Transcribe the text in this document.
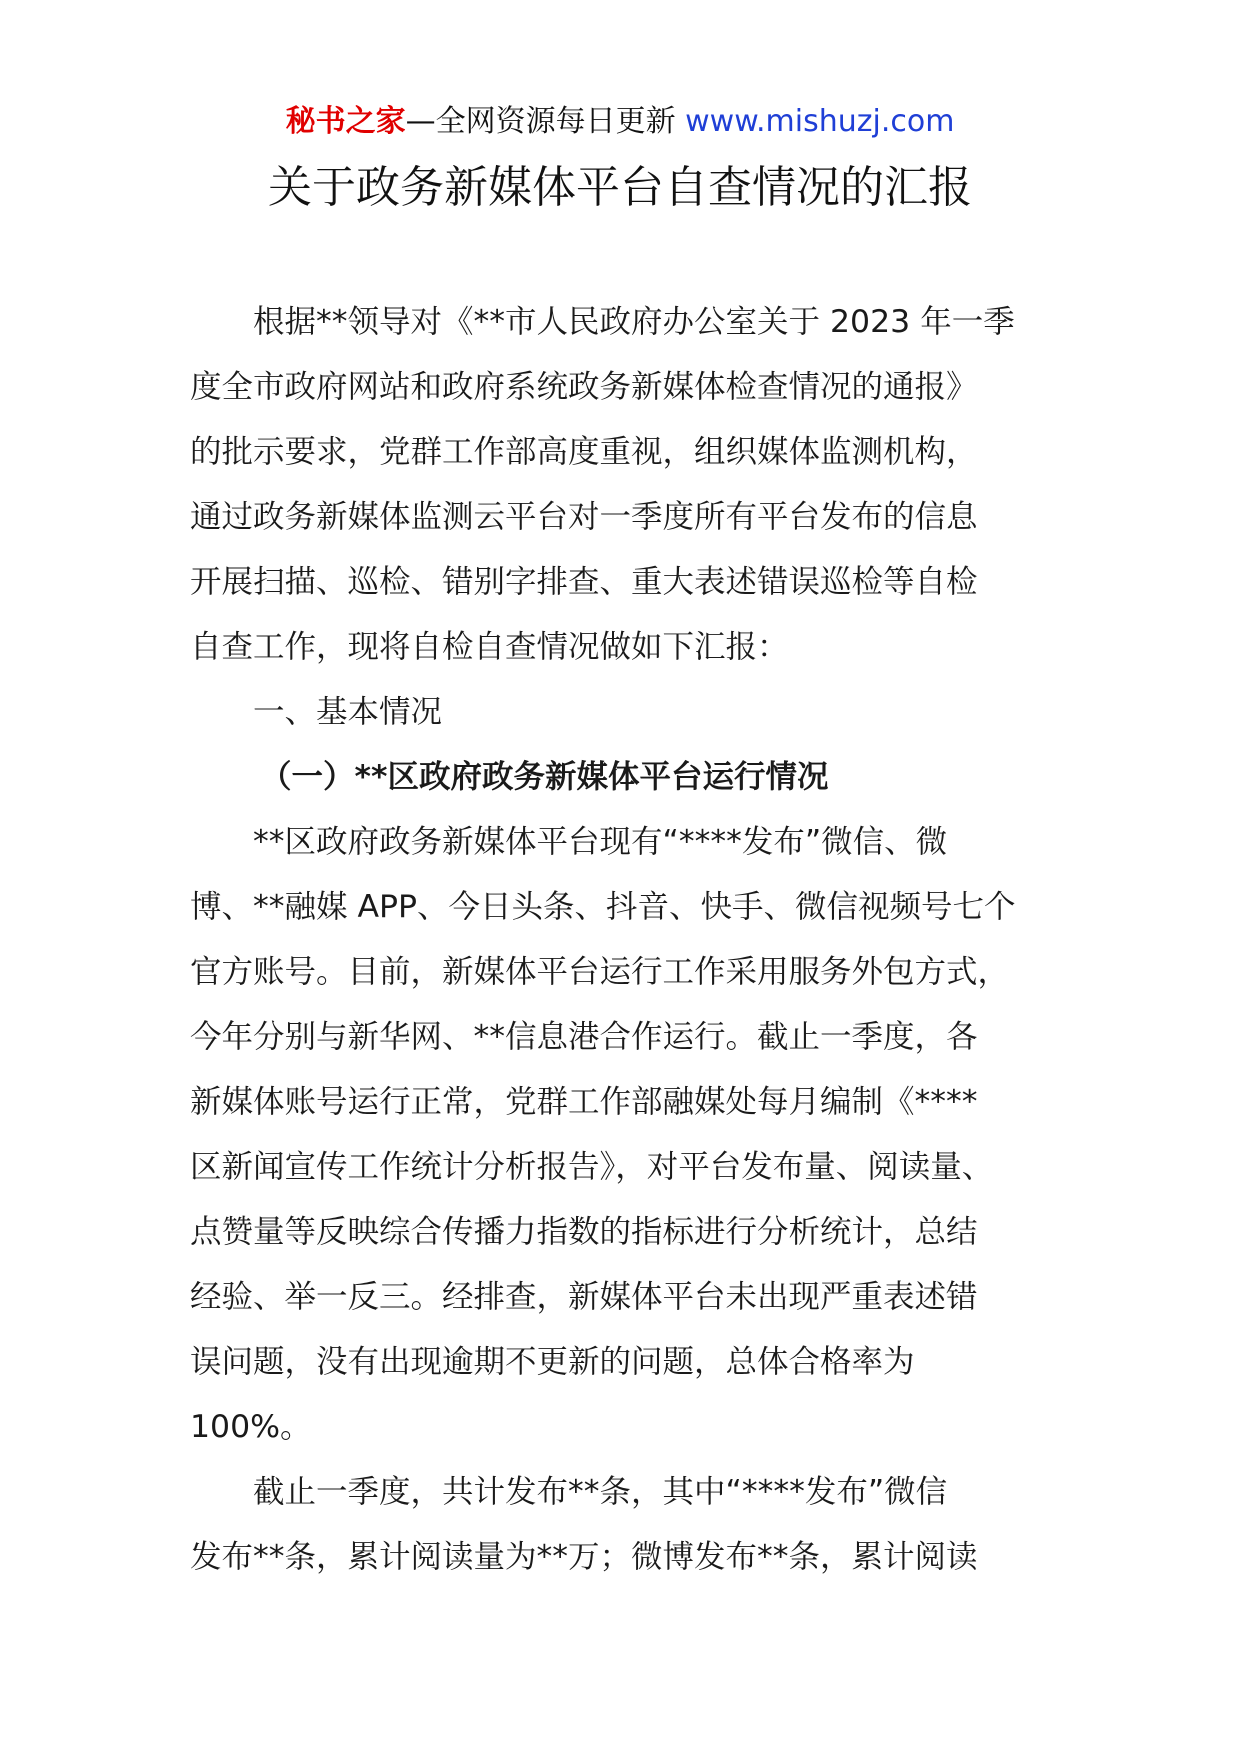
秘书之家—全网资源每日更新 www.mishuzj.com
关于政务新媒体平台自查情况的汇报
根据**领导对《**市人民政府办公室关于 2023 年一季
度全市政府网站和政府系统政务新媒体检查情况的通报》
的批示要求，党群工作部高度重视，组织媒体监测机构，
通过政务新媒体监测云平台对一季度所有平台发布的信息
开展扫描、巡检、错别字排查、重大表述错误巡检等自检
自查工作，现将自检自查情况做如下汇报：
一、基本情况
（一）**区政府政务新媒体平台运行情况
**区政府政务新媒体平台现有“****发布”微信、微
博、**融媒 APP、今日头条、抖音、快手、微信视频号七个
官方账号。目前，新媒体平台运行工作采用服务外包方式，
今年分别与新华网、**信息港合作运行。截止一季度，各
新媒体账号运行正常，党群工作部融媒处每月编制《****
区新闻宣传工作统计分析报告》，对平台发布量、阅读量、
点赞量等反映综合传播力指数的指标进行分析统计，总结
经验、举一反三。经排查，新媒体平台未出现严重表述错
误问题，没有出现逾期不更新的问题，总体合格率为
100%。
截止一季度，共计发布**条，其中“****发布”微信
发布**条，累计阅读量为**万；微博发布**条，累计阅读
